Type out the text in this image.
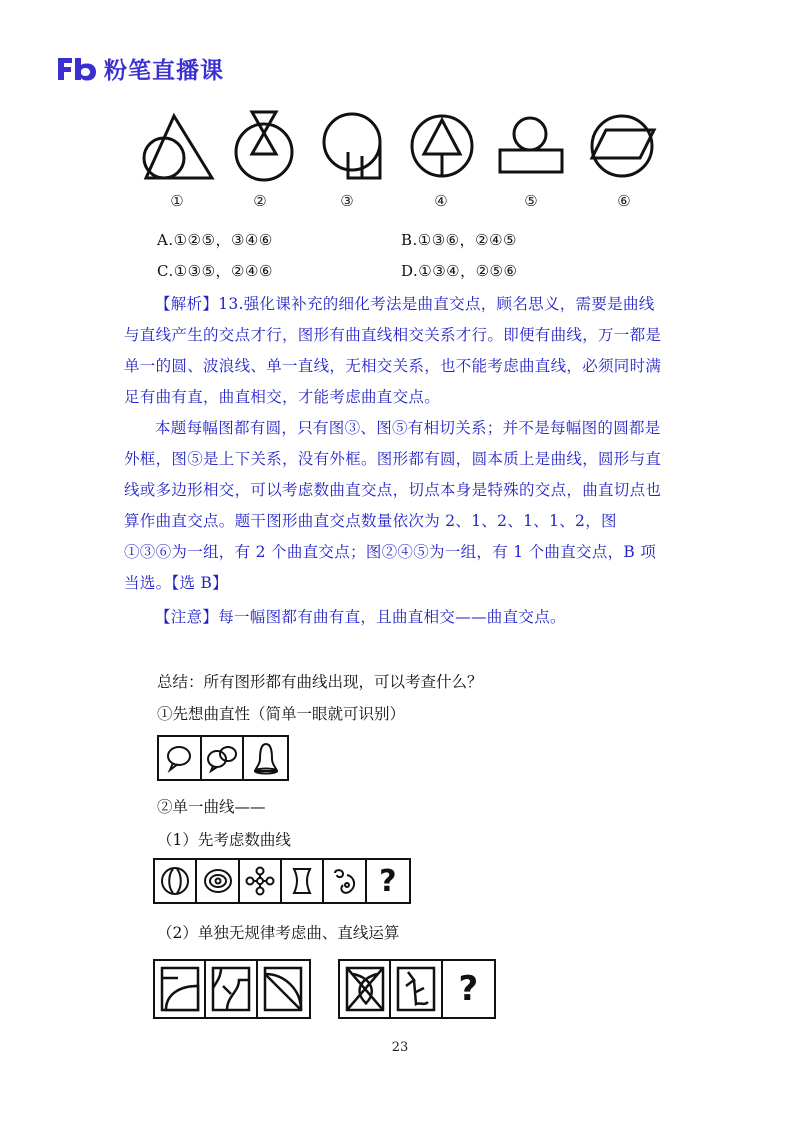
粉笔直播课
①	②	③	④	⑤	⑥
A.①②⑤，③④⑥	B.①③⑥，②④⑤
C.①③⑤，②④⑥	D.①③④，②⑤⑥
【解析】13.强化课补充的细化考法是曲直交点，顾名思义，需要是曲线与直线产生的交点才行，图形有曲直线相交关系才行。即便有曲线，万一都是单一的圆、波浪线、单一直线，无相交关系，也不能考虑曲直线，必须同时满足有曲有直，曲直相交，才能考虑曲直交点。
本题每幅图都有圆，只有图③、图⑤有相切关系；并不是每幅图的圆都是外框，图⑤是上下关系，没有外框。图形都有圆，圆本质上是曲线，圆形与直线或多边形相交，可以考虑数曲直交点，切点本身是特殊的交点，曲直切点也算作曲直交点。题干图形曲直交点数量依次为 2、1、2、1、1、2，图①③⑥为一组，有 2 个曲直交点；图②④⑤为一组，有 1 个曲直交点，B 项当选。【选 B】
【注意】每一幅图都有曲有直，且曲直相交——曲直交点。
总结：所有图形都有曲线出现，可以考查什么？
①先想曲直性（简单一眼就可识别）
②单一曲线——
（1）先考虑数曲线
?
（2）单独无规律考虑曲、直线运算
?
23
